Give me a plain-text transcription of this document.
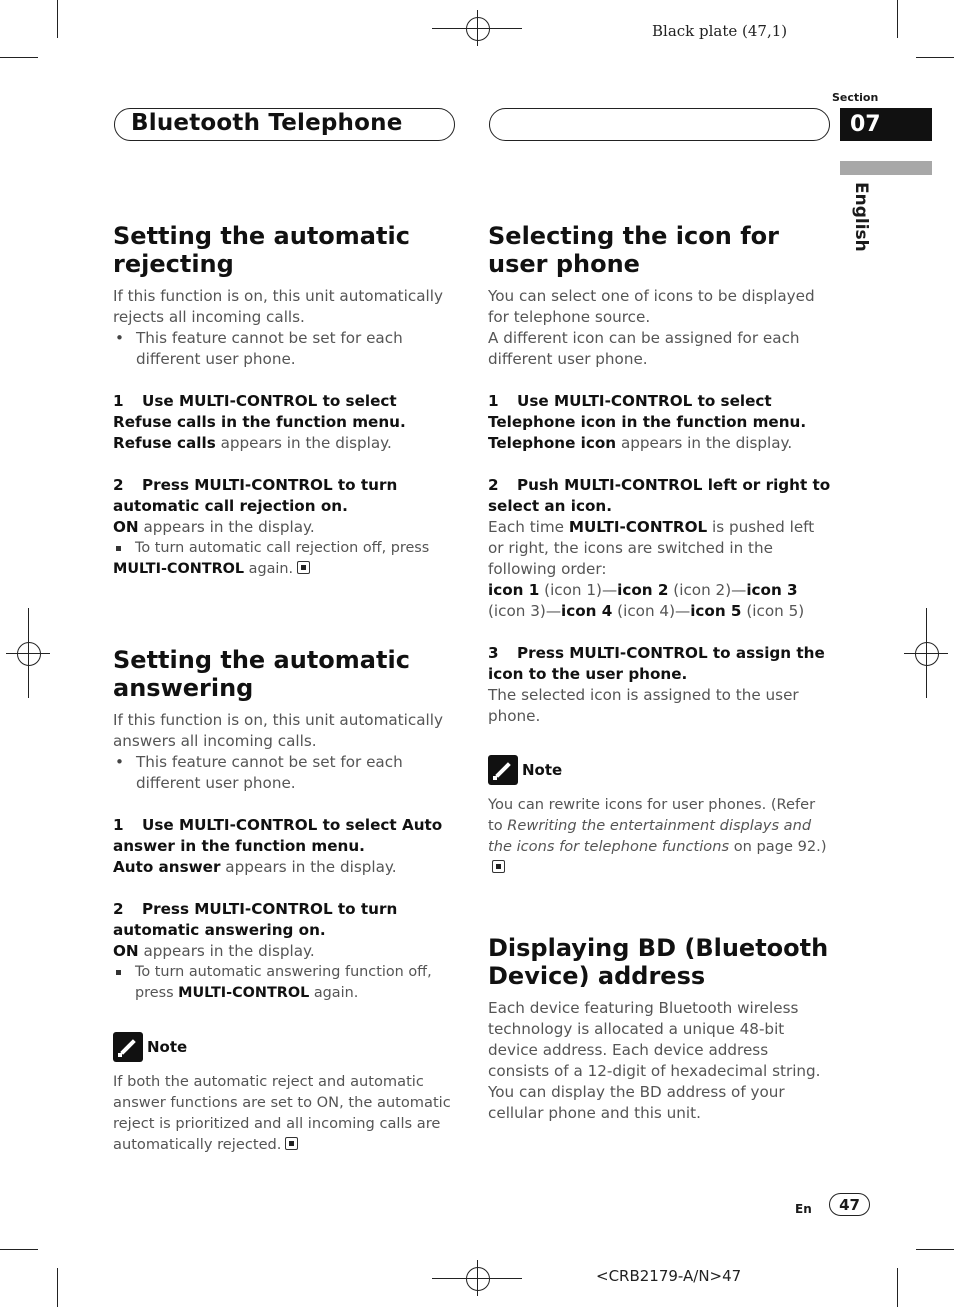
Black plate (47,1)
Bluetooth Telephone
Section
07
English
Setting the automatic rejecting

If this function is on, this unit automatically rejects all incoming calls.

• This feature cannot be set for each different user phone.
1 Use MULTI-CONTROL to select Refuse calls in the function menu.

Refuse calls appears in the display.

2 Press MULTI-CONTROL to turn automatic call rejection on.

ON appears in the display.

To turn automatic call rejection off, press
MULTI-CONTROL again.
Setting the automatic answering

If this function is on, this unit automatically answers all incoming calls.

• This feature cannot be set for each different user phone.
1 Use MULTI-CONTROL to select Auto answer in the function menu.

Auto answer appears in the display.

2 Press MULTI-CONTROL to turn automatic answering on.

ON appears in the display.

To turn automatic answering function off, press MULTI-CONTROL again.
Note
If both the automatic reject and automatic answer functions are set to ON, the automatic reject is prioritized and all incoming calls are automatically rejected.
Selecting the icon for user phone

You can select one of icons to be displayed for telephone source.

A different icon can be assigned for each different user phone.

1 Use MULTI-CONTROL to select Telephone icon in the function menu.

Telephone icon appears in the display.

2 Push MULTI-CONTROL left or right to select an icon.

Each time MULTI-CONTROL is pushed left or right, the icons are switched in the following order:

icon 1 (icon 1)—icon 2 (icon 2)—icon 3 (icon 3)—icon 4 (icon 4)—icon 5 (icon 5)

3 Press MULTI-CONTROL to assign the icon to the user phone.

The selected icon is assigned to the user phone.

Note
You can rewrite icons for user phones. (Refer to Rewriting the entertainment displays and the icons for telephone functions on page 92.)
Displaying BD (Bluetooth Device) address

Each device featuring Bluetooth wireless technology is allocated a unique 48-bit device address. Each device address consists of a 12-digit of hexadecimal string.

You can display the BD address of your cellular phone and this unit.

En	47
<CRB2179-A/N>47
